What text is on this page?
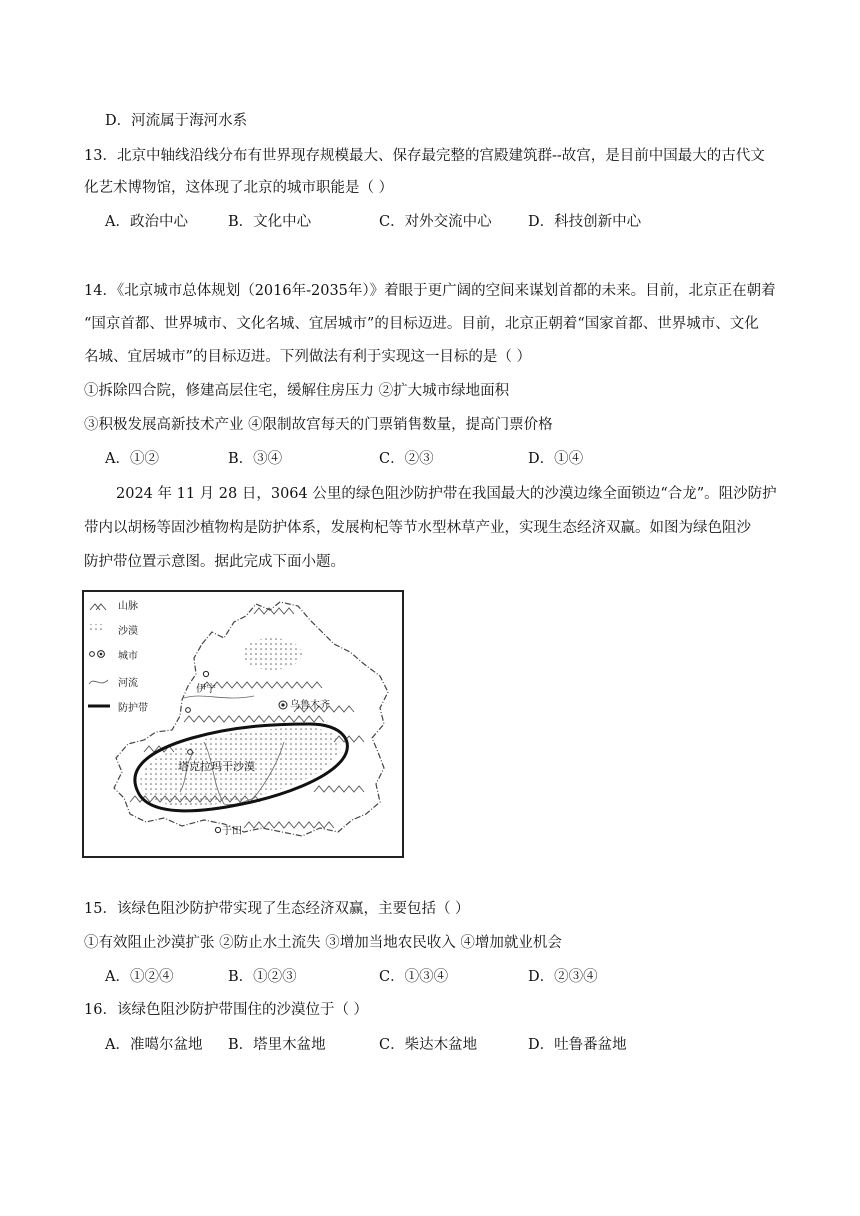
D．河流属于海河水系
13．北京中轴线沿线分布有世界现存规模最大、保存最完整的宫殿建筑群--故宫，是目前中国最大的古代文
化艺术博物馆，这体现了北京的城市职能是（ ）
A．政治中心	B．文化中心	C．对外交流中心	D．科技创新中心
14．《北京城市总体规划（2016年-2035年）》着眼于更广阔的空间来谋划首都的未来。目前，北京正在朝着
“国京首都、世界城市、文化名城、宜居城市”的目标迈进。目前，北京正朝着“国家首都、世界城市、文化
名城、宜居城市”的目标迈进。下列做法有利于实现这一目标的是（ ）
①拆除四合院，修建高层住宅，缓解住房压力 ②扩大城市绿地面积
③积极发展高新技术产业 ④限制故宫每天的门票销售数量，提高门票价格
A．①②	B．③④	C．②③	D．①④
2024 年 11 月 28 日，3064 公里的绿色阻沙防护带在我国最大的沙漠边缘全面锁边“合龙”。阻沙防护
带内以胡杨等固沙植物构是防护体系，发展枸杞等节水型林草产业，实现生态经济双赢。如图为绿色阻沙
防护带位置示意图。据此完成下面小题。
山脉
沙漠
城市
河流
防护带
伊宁
乌鲁木齐
塔克拉玛干沙漠
于田
15．该绿色阻沙防护带实现了生态经济双赢，主要包括（ ）
①有效阻止沙漠扩张 ②防止水土流失 ③增加当地农民收入 ④增加就业机会
A．①②④	B．①②③	C．①③④	D．②③④
16．该绿色阻沙防护带围住的沙漠位于（ ）
A．准噶尔盆地 B．塔里木盆地	C．柴达木盆地	D．吐鲁番盆地
